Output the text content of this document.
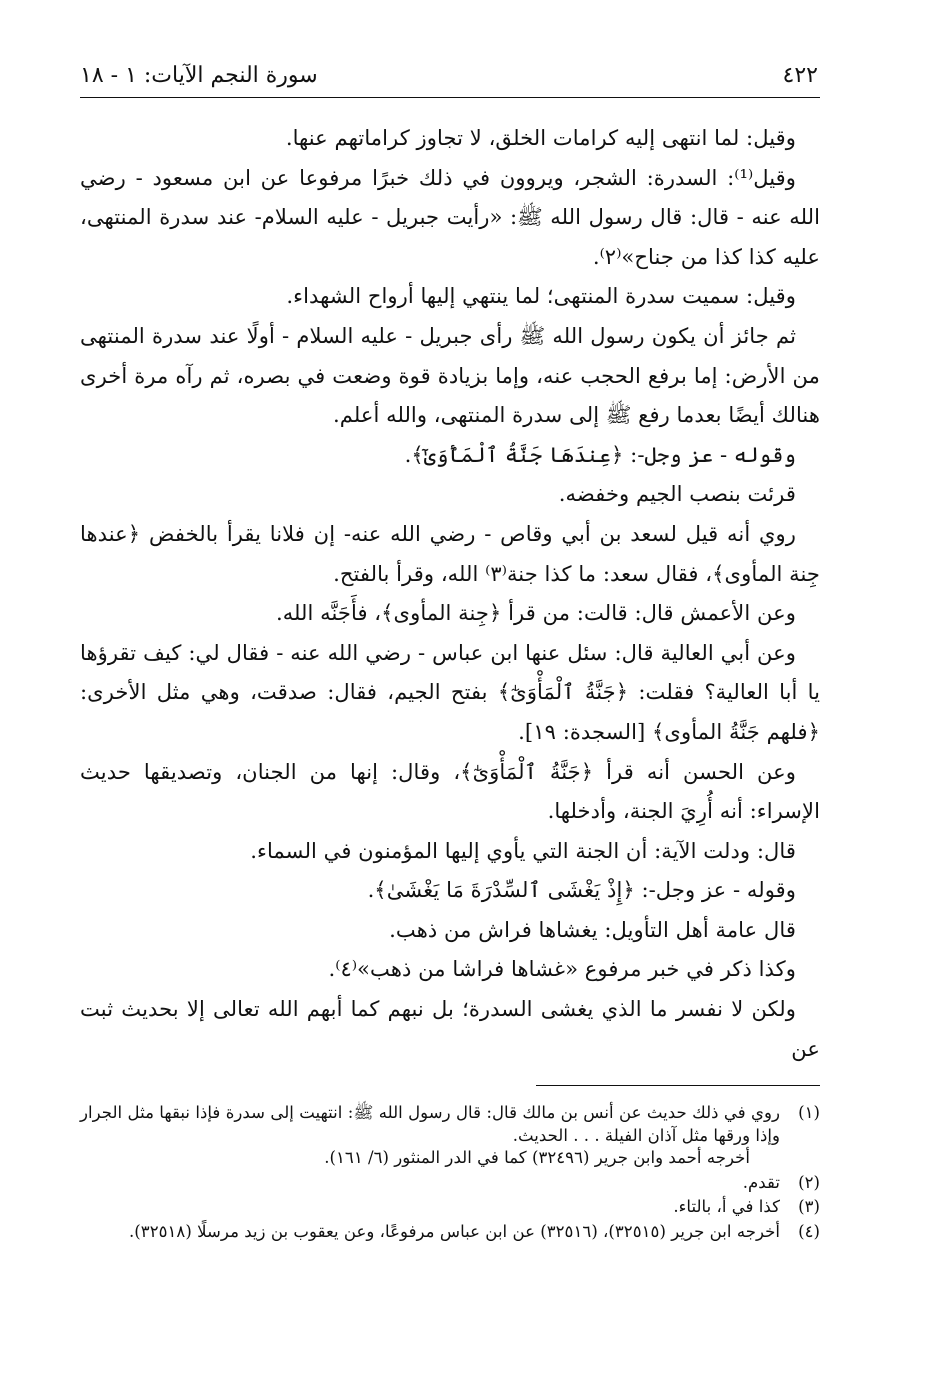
٤٢٢
سورة النجم الآيات: ١ - ١٨

وقيل: لما انتهى إليه كرامات الخلق، لا تجاوز كراماتهم عنها.

وقيل⁽¹⁾: السدرة: الشجر، ويروون في ذلك خبرًا مرفوعا عن ابن مسعود - رضي الله عنه - قال: قال رسول الله ﷺ: «رأيت جبريل - عليه السلام- عند سدرة المنتهى، عليه كذا كذا من جناح»⁽٢⁾.

وقيل: سميت سدرة المنتهى؛ لما ينتهي إليها أرواح الشهداء.

ثم جائز أن يكون رسول الله ﷺ رأى جبريل - عليه السلام - أولًا عند سدرة المنتهى من الأرض: إما برفع الحجب عنه، وإما بزيادة قوة وضعت في بصره، ثم رآه مرة أخرى هنالك أيضًا بعدما رفع ﷺ إلى سدرة المنتهى، والله أعلم.

وقوله - عز وجل-: ﴿عِندَهَا جَنَّةُ ٱلْمَأْوَىٰٓ﴾.

قرئت بنصب الجيم وخفضه.

روي أنه قيل لسعد بن أبي وقاص - رضي الله عنه- إن فلانا يقرأ بالخفض ﴿عندها جِنة المأوى﴾، فقال سعد: ما كذا جنة⁽٣⁾ الله، وقرأ بالفتح.

وعن الأعمش قال: قالت: من قرأ ﴿جِنة المأوى﴾، فأَجَنَّه الله.

وعن أبي العالية قال: سئل عنها ابن عباس - رضي الله عنه - فقال لي: كيف تقرؤها يا أبا العالية؟ فقلت: ﴿جَنَّةُ ٱلْمَأْوَىٰٓ﴾ بفتح الجيم، فقال: صدقت، وهي مثل الأخرى: ﴿فلهم جَنَّةُ المأوى﴾ [السجدة: ١٩].

وعن الحسن أنه قرأ ﴿جَنَّةُ ٱلْمَأْوَىٰٓ﴾، وقال: إنها من الجنان، وتصديقها حديث الإسراء: أنه أُرِيَ الجنة، وأدخلها.

قال: ودلت الآية: أن الجنة التي يأوي إليها المؤمنون في السماء.

وقوله - عز وجل-: ﴿إِذْ يَغْشَى ٱلسِّدْرَةَ مَا يَغْشَىٰ﴾.

قال عامة أهل التأويل: يغشاها فراش من ذهب.

وكذا ذكر في خبر مرفوع «غشاها فراشا من ذهب»⁽٤⁾.

ولكن لا نفسر ما الذي يغشى السدرة؛ بل نبهم كما أبهم الله تعالى إلا بحديث ثبت عن

(١)
روي في ذلك حديث عن أنس بن مالك قال: قال رسول الله ﷺ: انتهيت إلى سدرة فإذا نبقها مثل الجرار وإذا ورقها مثل آذان الفيلة . . . الحديث.
أخرجه أحمد وابن جرير (٣٢٤٩٦) كما في الدر المنثور (٦/ ١٦١).
(٢)
تقدم.
(٣)
كذا في أ، بالتاء.
(٤)
أخرجه ابن جرير (٣٢٥١٥)، (٣٢٥١٦) عن ابن عباس مرفوعًا، وعن يعقوب بن زيد مرسلًا (٣٢٥١٨).
